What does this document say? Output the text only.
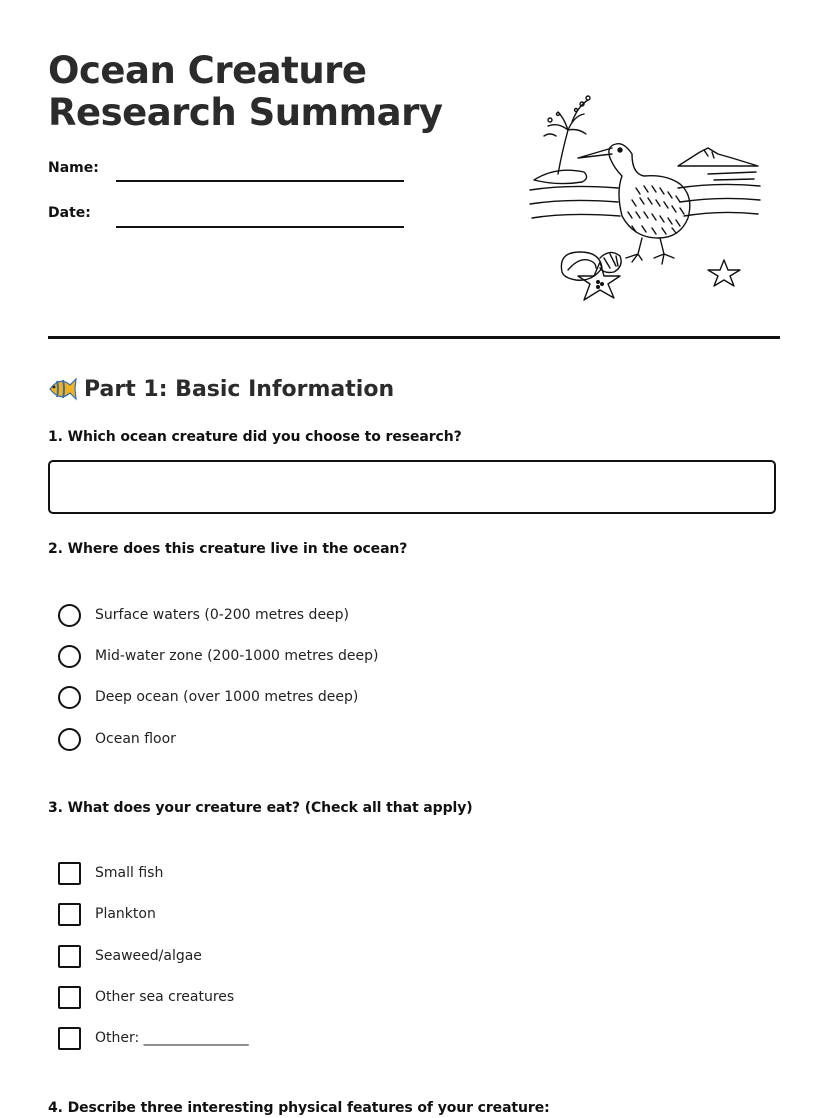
Ocean Creature
Research Summary
Name:
Date:
Part 1: Basic Information
1. Which ocean creature did you choose to research?
2. Where does this creature live in the ocean?
Surface waters (0-200 metres deep)
Mid-water zone (200-1000 metres deep)
Deep ocean (over 1000 metres deep)
Ocean floor
3. What does your creature eat? (Check all that apply)
Small fish
Plankton
Seaweed/algae
Other sea creatures
Other: _______________
4. Describe three interesting physical features of your creature:
